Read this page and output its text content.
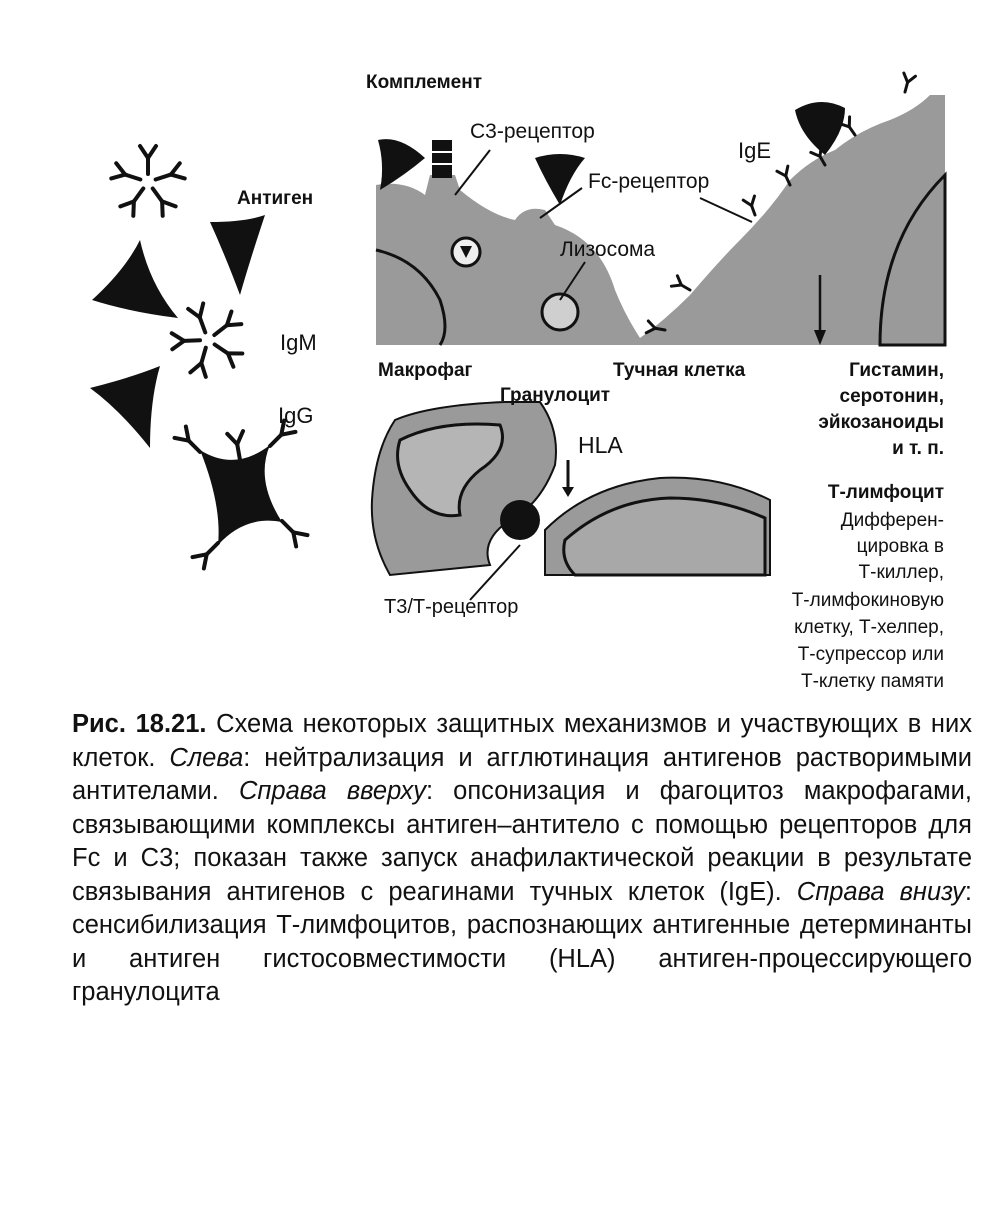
Комплемент
С3-рецептор
IgE
Fc-рецептор
Антиген
Лизосома
IgM
Макрофаг	Тучная клетка	Гистамин,
серотонин,
Гранулоцит
IgG	эйкозаноиды
HLA	и т. п.
Т-лимфоцит
Дифферен-
цировка в
Т-киллер,
Т3/Т-рецептор	Т-лимфокиновую
клетку, Т-хелпер,
Т-супрессор или
Т-клетку памяти
Рис. 18.21. Схема некоторых защитных механизмов и участвующих в них клеток. Слева: нейтрализация и агглютинация антигенов растворимыми антителами. Справа вверху: опсонизация и фагоцитоз макрофагами, связывающими комплексы антиген–антитело с помощью рецепторов для Fc и С3; показан также запуск анафилактической реакции в результате связывания антигенов с реагинами тучных клеток (IgE). Справа внизу: сенсибилизация Т-лимфоцитов, распознающих антигенные детерминанты и антиген гистосовместимости (HLA) антиген-процессирующего гранулоцита
